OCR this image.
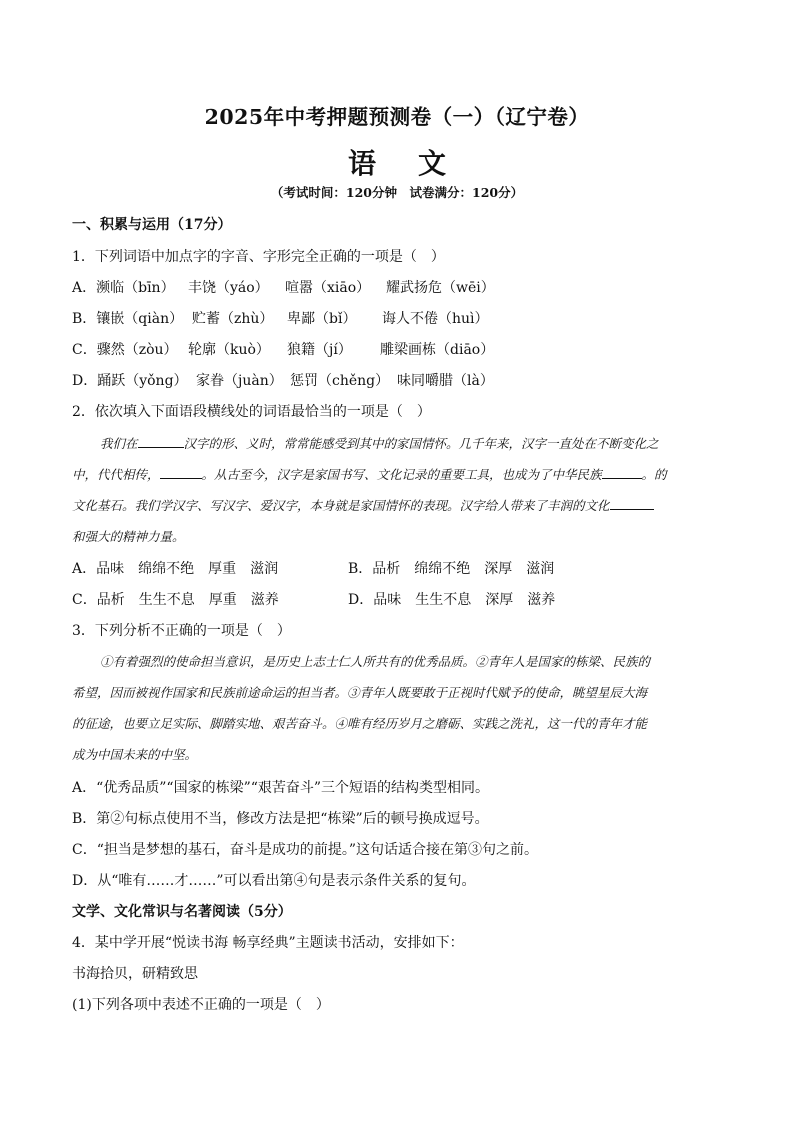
2025年中考押题预测卷（一）（辽宁卷）
语 文
（考试时间：120分钟　试卷满分：120分）
一、积累与运用（17分）
1．下列词语中加点字的字音、字形完全正确的一项是（　）
A．濒临（bīn） 丰饶（yáo） 喧嚣（xiāo） 耀武扬危（wēi）
B．镶嵌（qiàn） 贮蓄（zhù） 卑鄙（bǐ） 诲人不倦（huì）
C．骤然（zòu） 轮廓（kuò） 狼籍（jí） 雕梁画栋（diāo）
D．踊跃（yǒng） 家眷（juàn） 惩罚（chěng） 味同嚼腊（là）
2．依次填入下面语段横线处的词语最恰当的一项是（　）
我们在	汉字的形、义时，常常能感受到其中的家国情怀。几千年来，汉字一直处在不断变化之
中，代代相传，	。从古至今，汉字是家国书写、文化记录的重要工具，也成为了中华民族	。的
文化基石。我们学汉字、写汉字、爱汉字，本身就是家国情怀的表现。汉字给人带来了丰润的文化
和强大的精神力量。
A．品味　绵绵不绝　厚重　滋润	B．品析　绵绵不绝　深厚　滋润
C．品析　生生不息　厚重　滋养	D．品味　生生不息　深厚　滋养
3．下列分析不正确的一项是（　）
①有着强烈的使命担当意识，是历史上志士仁人所共有的优秀品质。②青年人是国家的栋梁、民族的
希望，因而被视作国家和民族前途命运的担当者。③青年人既要敢于正视时代赋予的使命，眺望星辰大海
的征途，也要立足实际、脚踏实地、艰苦奋斗。④唯有经历岁月之磨砺、实践之洗礼，这一代的青年才能
成为中国未来的中坚。
A．“优秀品质”“国家的栋梁”“艰苦奋斗”三个短语的结构类型相同。
B．第②句标点使用不当，修改方法是把“栋梁”后的顿号换成逗号。
C．“担当是梦想的基石，奋斗是成功的前提。”这句话适合接在第③句之前。
D．从“唯有……才……”可以看出第④句是表示条件关系的复句。
文学、文化常识与名著阅读（5分）
4．某中学开展“悦读书海 畅享经典”主题读书活动，安排如下：
书海拾贝，研精致思
(1)下列各项中表述不正确的一项是（　）
